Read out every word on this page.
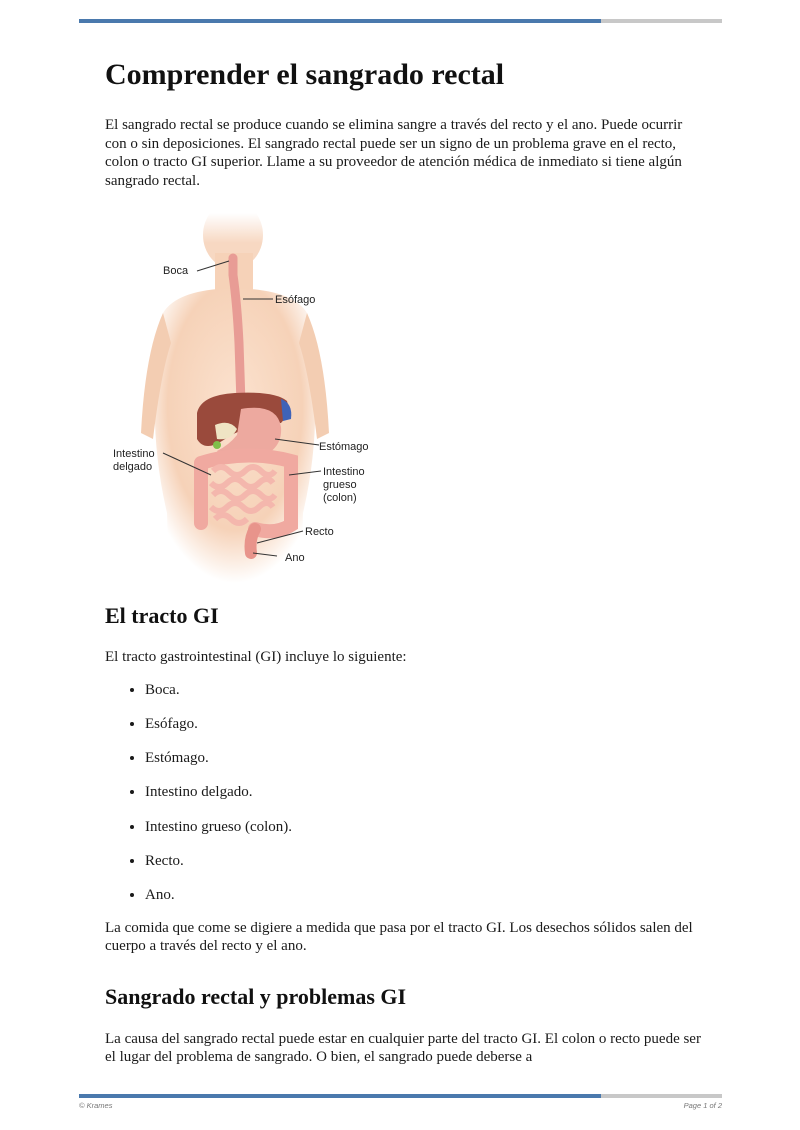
Comprender el sangrado rectal

El sangrado rectal se produce cuando se elimina sangre a través del recto y el ano. Puede ocurrir con o sin deposiciones. El sangrado rectal puede ser un signo de un problema grave en el recto, colon o tracto GI superior. Llame a su proveedor de atención médica de inmediato si tiene algún sangrado rectal.

Boca
Esófago
Estómago
Intestino
delgado	Intestino
grueso
(colon)
Recto
Ano
El tracto GI

El tracto gastrointestinal (GI) incluye lo siguiente:

• Boca.
• Esófago.
• Estómago.
• Intestino delgado.
• Intestino grueso (colon).
• Recto.
• Ano.

La comida que come se digiere a medida que pasa por el tracto GI. Los desechos sólidos salen del cuerpo a través del recto y el ano.

Sangrado rectal y problemas GI

La causa del sangrado rectal puede estar en cualquier parte del tracto GI. El colon o recto puede ser el lugar del problema de sangrado. O bien, el sangrado puede deberse a

© Krames	Page 1 of 2
